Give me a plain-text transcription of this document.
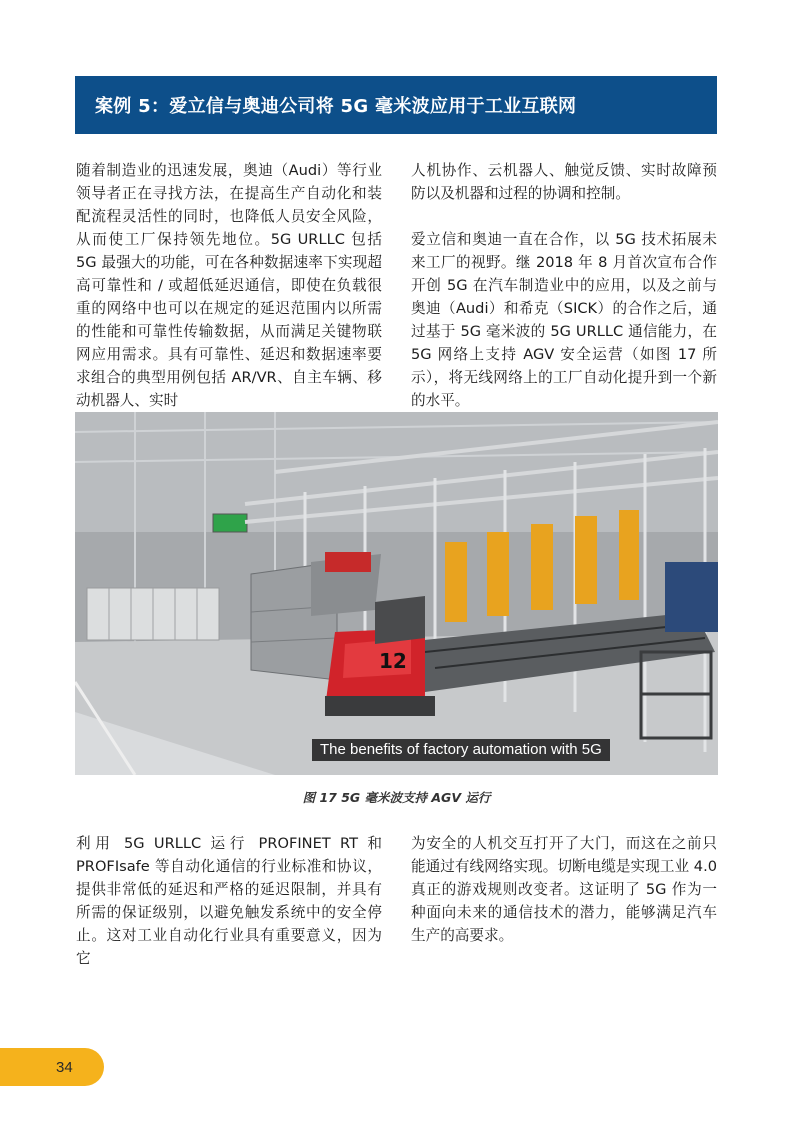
案例 5：爱立信与奥迪公司将 5G 毫米波应用于工业互联网

随着制造业的迅速发展，奥迪（Audi）等行业领导者正在寻找方法，在提高生产自动化和装配流程灵活性的同时，也降低人员安全风险，从而使工厂保持领先地位。5G URLLC 包括 5G 最强大的功能，可在各种数据速率下实现超高可靠性和 / 或超低延迟通信，即使在负载很重的网络中也可以在规定的延迟范围内以所需的性能和可靠性传输数据，从而满足关键物联网应用需求。具有可靠性、延迟和数据速率要求组合的典型用例包括 AR/VR、自主车辆、移动机器人、实时

人机协作、云机器人、触觉反馈、实时故障预防以及机器和过程的协调和控制。

爱立信和奥迪一直在合作，以 5G 技术拓展未来工厂的视野。继 2018 年 8 月首次宣布合作开创 5G 在汽车制造业中的应用，以及之前与奥迪（Audi）和希克（SICK）的合作之后，通过基于 5G 毫米波的 5G URLLC 通信能力，在 5G 网络上支持 AGV 安全运营（如图 17 所示），将无线网络上的工厂自动化提升到一个新的水平。

12
The benefits of factory automation with 5G
图 17 5G 毫米波支持 AGV 运行

利用 5G URLLC 运行 PROFINET RT 和 PROFIsafe 等自动化通信的行业标准和协议，提供非常低的延迟和严格的延迟限制，并具有所需的保证级别，以避免触发系统中的安全停止。这对工业自动化行业具有重要意义，因为它

为安全的人机交互打开了大门，而这在之前只能通过有线网络实现。切断电缆是实现工业 4.0 真正的游戏规则改变者。这证明了 5G 作为一种面向未来的通信技术的潜力，能够满足汽车生产的高要求。

34
